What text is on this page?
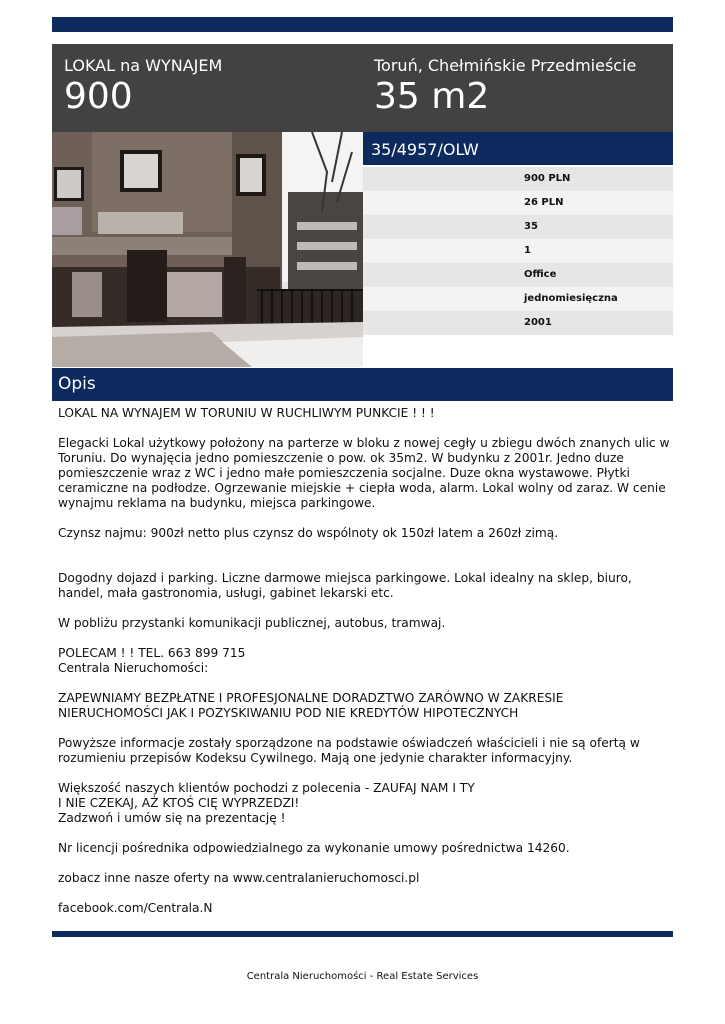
LOKAL na WYNAJEM
900
Toruń, Chełmińskie Przedmieście
35 m2
35/4957/OLW
900 PLN
26 PLN
35
1
Office
jednomiesięczna
2001
Opis

LOKAL NA WYNAJEM W TORUNIU W RUCHLIWYM PUNKCIE ! ! !

Elegacki Lokal użytkowy położony na parterze w bloku z nowej cegły u zbiegu dwóch znanych ulic w Toruniu. Do wynajęcia jedno pomieszczenie o pow. ok 35m2. W budynku z 2001r. Jedno duze pomieszczenie wraz z WC i jedno małe pomieszczenia socjalne. Duze okna wystawowe. Płytki ceramiczne na podłodze. Ogrzewanie miejskie + ciepła woda, alarm. Lokal wolny od zaraz. W cenie wynajmu reklama na budynku, miejsca parkingowe.

Czynsz najmu: 900zł netto plus czynsz do wspólnoty ok 150zł latem a 260zł zimą.

Dogodny dojazd i parking. Liczne darmowe miejsca parkingowe. Lokal idealny na sklep, biuro, handel, mała gastronomia, usługi, gabinet lekarski etc.

W pobliżu przystanki komunikacji publicznej, autobus, tramwaj.

POLECAM ! ! TEL. 663 899 715
Centrala Nieruchomości:

ZAPEWNIAMY BEZPŁATNE I PROFESJONALNE DORADZTWO ZARÓWNO W ZAKRESIE NIERUCHOMOŚCI JAK I POZYSKIWANIU POD NIE KREDYTÓW HIPOTECZNYCH

Powyższe informacje zostały sporządzone na podstawie oświadczeń właścicieli i nie są ofertą w rozumieniu przepisów Kodeksu Cywilnego. Mają one jedynie charakter informacyjny.

Większość naszych klientów pochodzi z polecenia - ZAUFAJ NAM I TY
I NIE CZEKAJ, AŻ KTOŚ CIĘ WYPRZEDZI!
Zadzwoń i umów się na prezentację !

Nr licencji pośrednika odpowiedzialnego za wykonanie umowy pośrednictwa 14260.

zobacz inne nasze oferty na www.centralanieruchomosci.pl

facebook.com/Centrala.N

Centrala Nieruchomości - Real Estate Services
